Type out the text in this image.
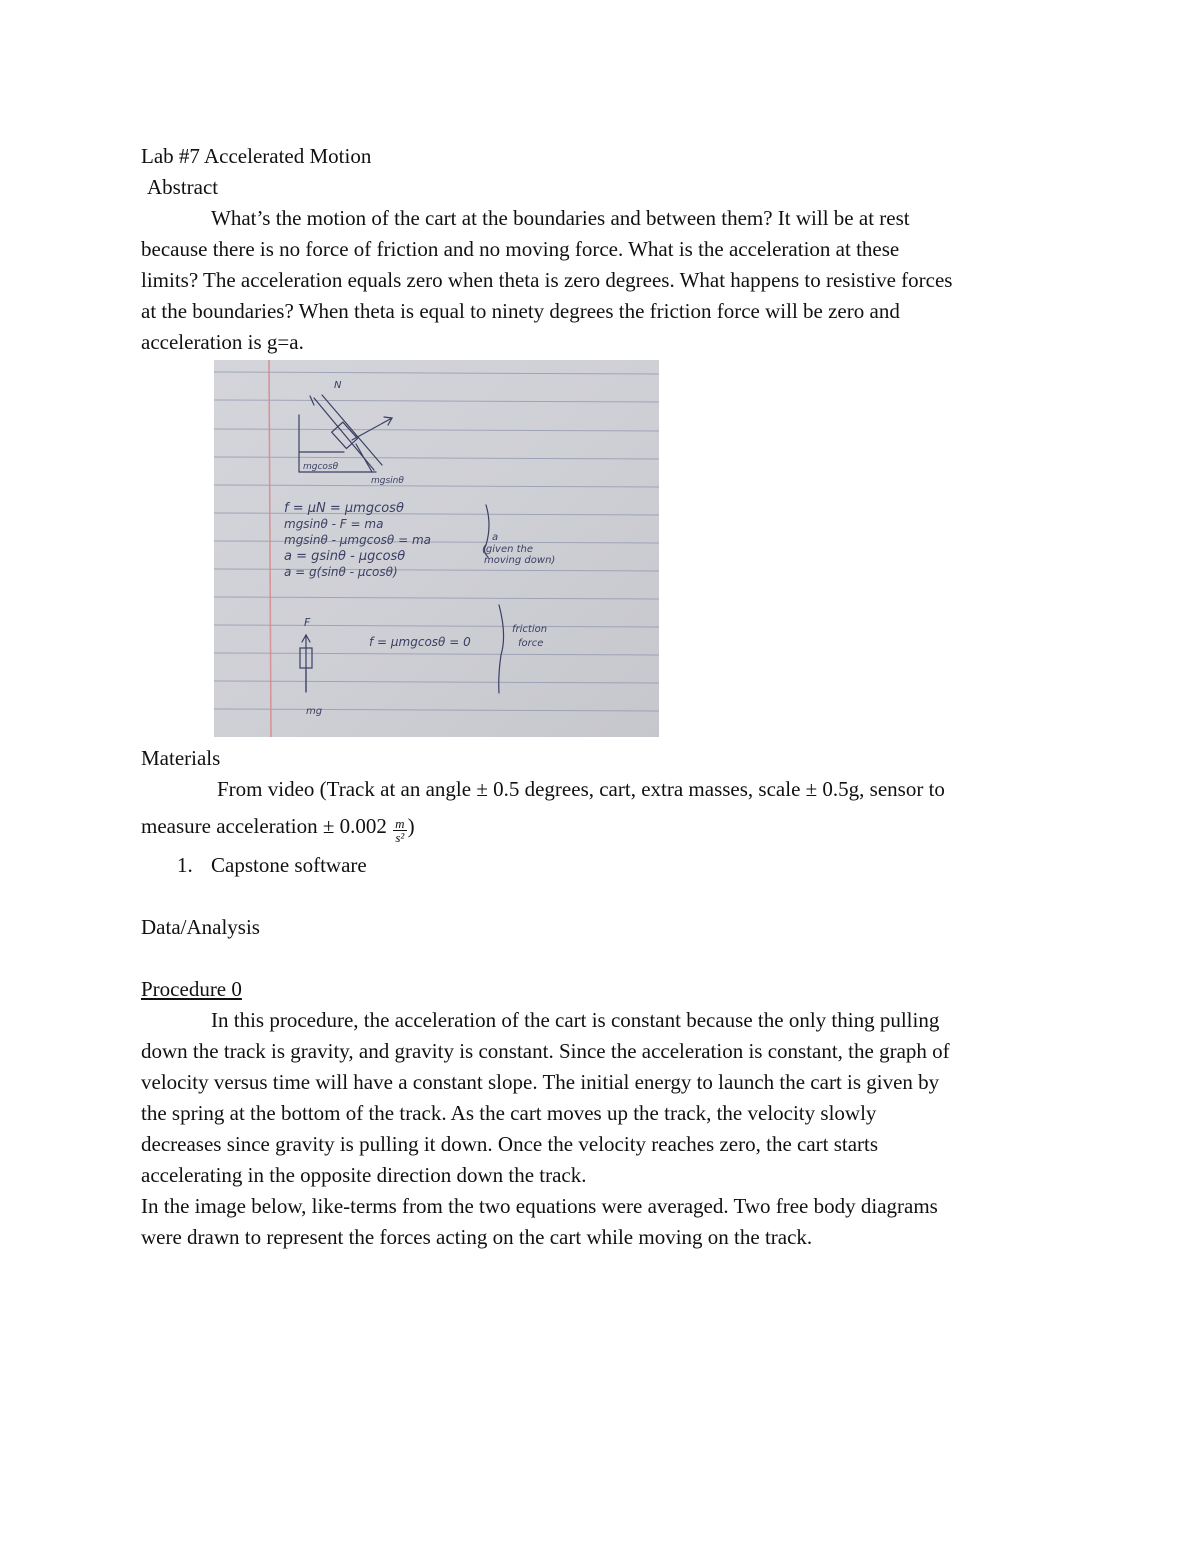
Lab #7 Accelerated Motion
Abstract
What’s the motion of the cart at the boundaries and between them? It will be at rest
because there is no force of friction and no moving force. What is the acceleration at these
limits? The acceleration equals zero when theta is zero degrees. What happens to resistive forces
at the boundaries? When theta is equal to ninety degrees the friction force will be zero and
acceleration is g=a.
N
mgcosθ
mgsinθ
f = μN = μmgcosθ
mgsinθ - F = ma
mgsinθ - μmgcosθ = ma
a = gsinθ - μgcosθ
a = g(sinθ - μcosθ)
a
(given the
moving down)
f = μmgcosθ = 0
friction
force
F
mg
Materials
From video (Track at an angle ± 0.5 degrees, cart, extra masses, scale ± 0.5g, sensor to
measure acceleration ± $0.002 \frac{m}{\text{s²}}$ )
1. Capstone software
Data/Analysis
Procedure 0
In this procedure, the acceleration of the cart is constant because the only thing pulling
down the track is gravity, and gravity is constant. Since the acceleration is constant, the graph of
velocity versus time will have a constant slope. The initial energy to launch the cart is given by
the spring at the bottom of the track. As the cart moves up the track, the velocity slowly
decreases since gravity is pulling it down. Once the velocity reaches zero, the cart starts
accelerating in the opposite direction down the track.
In the image below, like-terms from the two equations were averaged. Two free body diagrams
were drawn to represent the forces acting on the cart while moving on the track.
